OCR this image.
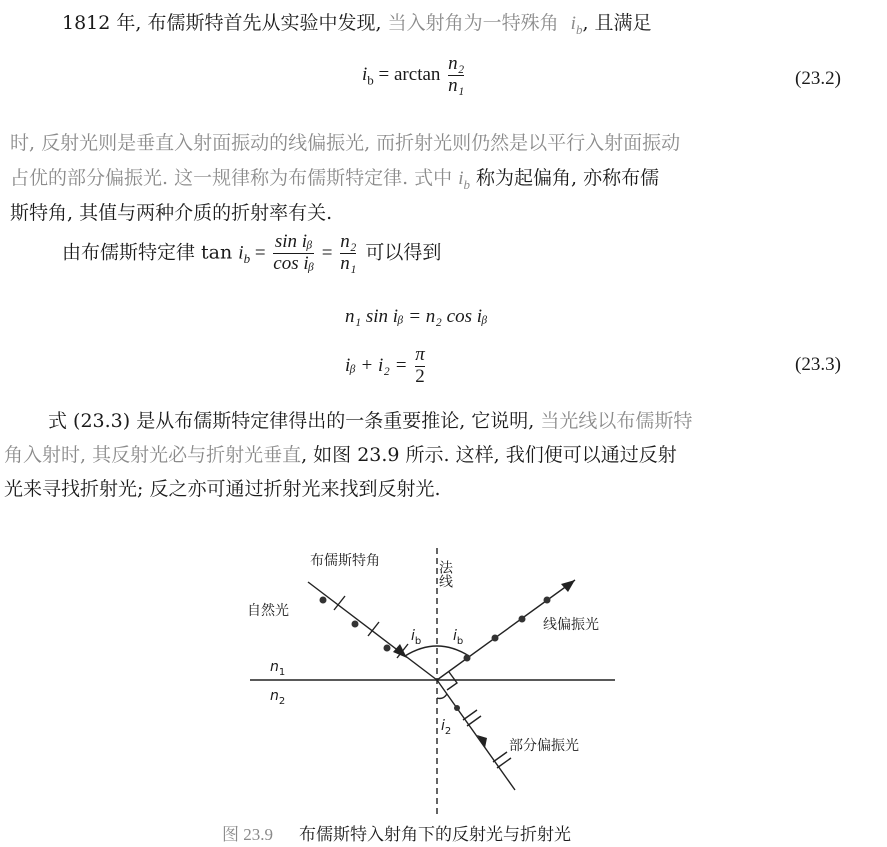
1812 年, 布儒斯特首先从实验中发现, 当入射角为一特殊角 $i_b$, 且满足
$i_b = \arctan \frac{\text{n₂}}{\text{n₁}}$	(23.2)
时, 反射光则是垂直入射面振动的线偏振光, 而折射光则仍然是以平行入射面振动
占优的部分偏振光. 这一规律称为布儒斯特定律. 式中 $i_b$ 称为起偏角, 亦称布儒
斯特角, 其值与两种介质的折射率有关.
由布儒斯特定律 $\tan i_b = \frac{\text{sin iᵦ}}{\text{cos iᵦ}} = \frac{\text{n₂}}{\text{n₁}}$ 可以得到
n₁ sin iᵦ = n₂ cos iᵦ
iᵦ + $i_2 = \frac{\pi}{2}$	(23.3)
式 (23.3) 是从布儒斯特定律得出的一条重要推论, 它说明, 当光线以布儒斯特
角入射时, 其反射光必与折射光垂直, 如图 23.9 所示. 这样, 我们便可以通过反射
光来寻找折射光; 反之亦可通过折射光来找到反射光.
法线
布儒斯特角
自然光
线偏振光
部分偏振光
$n_1$
$n_2$
$i_b$ $i_b$
$i_2$
图 23.9 布儒斯特入射角下的反射光与折射光
